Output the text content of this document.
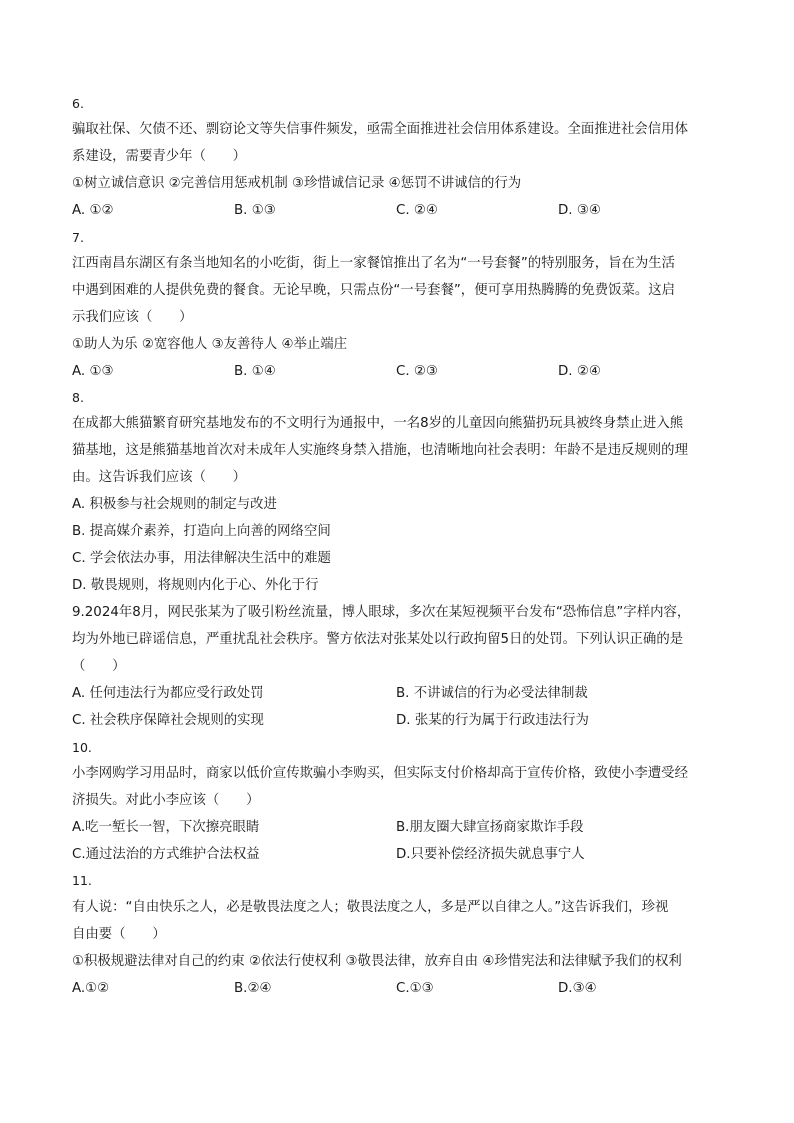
6.
骗取社保、欠债不还、剽窃论文等失信事件频发，亟需全面推进社会信用体系建设。全面推进社会信用体
系建设，需要青少年（　　）
①树立诚信意识 ②完善信用惩戒机制 ③珍惜诚信记录 ④惩罚不讲诚信的行为
A. ①②	B. ①③	C. ②④	D. ③④
7.
江西南昌东湖区有条当地知名的小吃街，街上一家餐馆推出了名为“一号套餐”的特别服务，旨在为生活
中遇到困难的人提供免费的餐食。无论早晚，只需点份“一号套餐”，便可享用热腾腾的免费饭菜。这启
示我们应该（　　）
①助人为乐 ②宽容他人 ③友善待人 ④举止端庄
A. ①③	B. ①④	C. ②③	D. ②④
8.
在成都大熊猫繁育研究基地发布的不文明行为通报中，一名8岁的儿童因向熊猫扔玩具被终身禁止进入熊
猫基地，这是熊猫基地首次对未成年人实施终身禁入措施，也清晰地向社会表明：年龄不是违反规则的理
由。这告诉我们应该（　　）
A. 积极参与社会规则的制定与改进
B. 提高媒介素养，打造向上向善的网络空间
C. 学会依法办事，用法律解决生活中的难题
D. 敬畏规则，将规则内化于心、外化于行
9.2024年8月，网民张某为了吸引粉丝流量，博人眼球，多次在某短视频平台发布“恐怖信息”字样内容，
均为外地已辟谣信息，严重扰乱社会秩序。警方依法对张某处以行政拘留5日的处罚。下列认识正确的是
（　　）
A. 任何违法行为都应受行政处罚	B. 不讲诚信的行为必受法律制裁
C. 社会秩序保障社会规则的实现	D. 张某的行为属于行政违法行为
10.
小李网购学习用品时，商家以低价宣传欺骗小李购买，但实际支付价格却高于宣传价格，致使小李遭受经
济损失。对此小李应该（　　）
A.吃一堑长一智，下次擦亮眼睛	B.朋友圈大肆宣扬商家欺诈手段
C.通过法治的方式维护合法权益	D.只要补偿经济损失就息事宁人
11.
有人说：“自由快乐之人，必是敬畏法度之人；敬畏法度之人，多是严以自律之人。”这告诉我们，珍视
自由要（　　）
①积极规避法律对自己的约束 ②依法行使权利 ③敬畏法律，放弃自由 ④珍惜宪法和法律赋予我们的权利
A.①②	B.②④	C.①③	D.③④
